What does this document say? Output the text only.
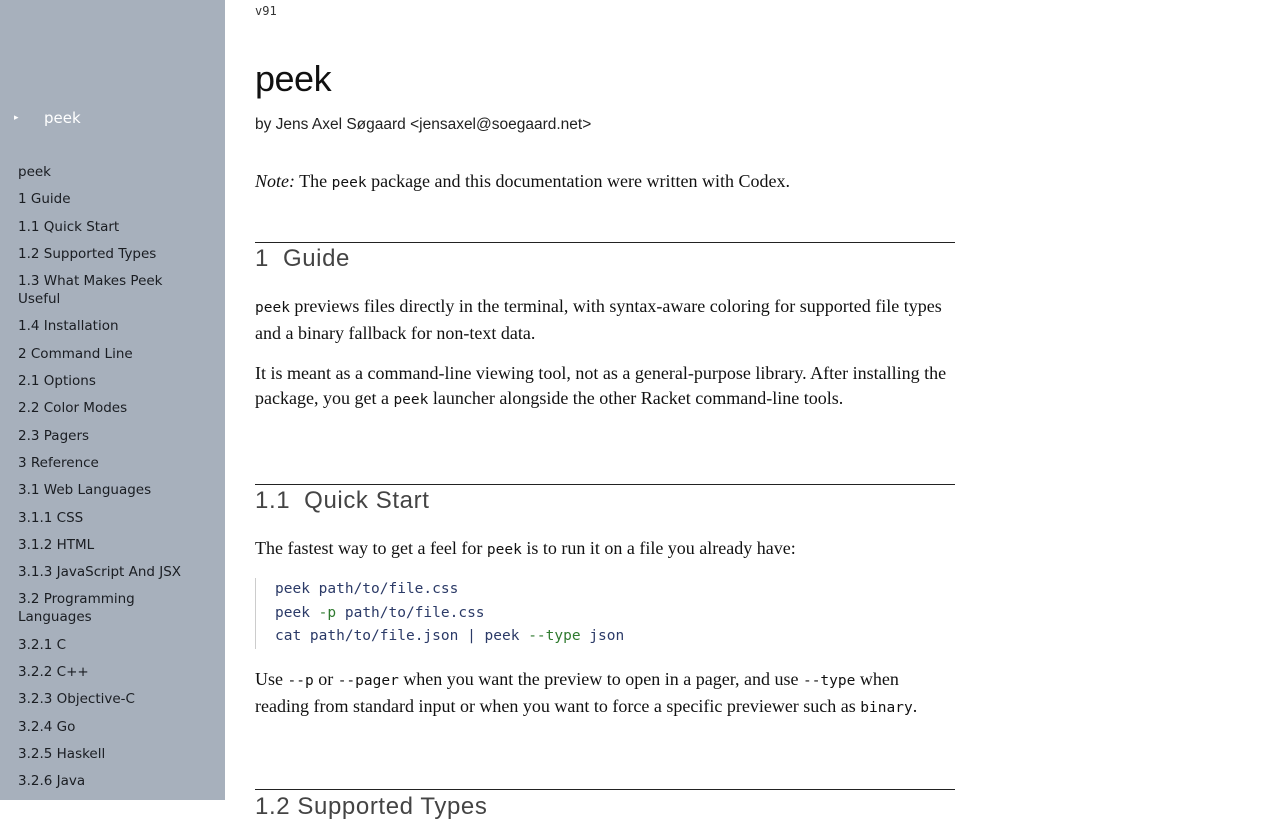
▸	peek
peek
1 Guide
1.1 Quick Start
1.2 Supported Types
1.3 What Makes Peek Useful
1.4 Installation
2 Command Line
2.1 Options
2.2 Color Modes
2.3 Pagers
3 Reference
3.1 Web Languages
3.1.1 CSS
3.1.2 HTML
3.1.3 JavaScript And JSX
3.2 Programming Languages
3.2.1 C
3.2.2 C++
3.2.3 Objective-C
3.2.4 Go
3.2.5 Haskell
3.2.6 Java
v91
peek
by Jens Axel Søgaard <jensaxel@soegaard.net>

Note: The peek package and this documentation were written with Codex.

1 Guide

peek previews files directly in the terminal, with syntax-aware coloring for supported file types and a binary fallback for non-text data.

It is meant as a command-line viewing tool, not as a general-purpose library. After installing the package, you get a peek launcher alongside the other Racket command-line tools.

1.1 Quick Start

The fastest way to get a feel for peek is to run it on a file you already have:

peek path/to/file.css
peek -p path/to/file.css
cat path/to/file.json | peek --type json

Use --p or --pager when you want the preview to open in a pager, and use --type when reading from standard input or when you want to force a specific previewer such as binary.

1.2 Supported Types
